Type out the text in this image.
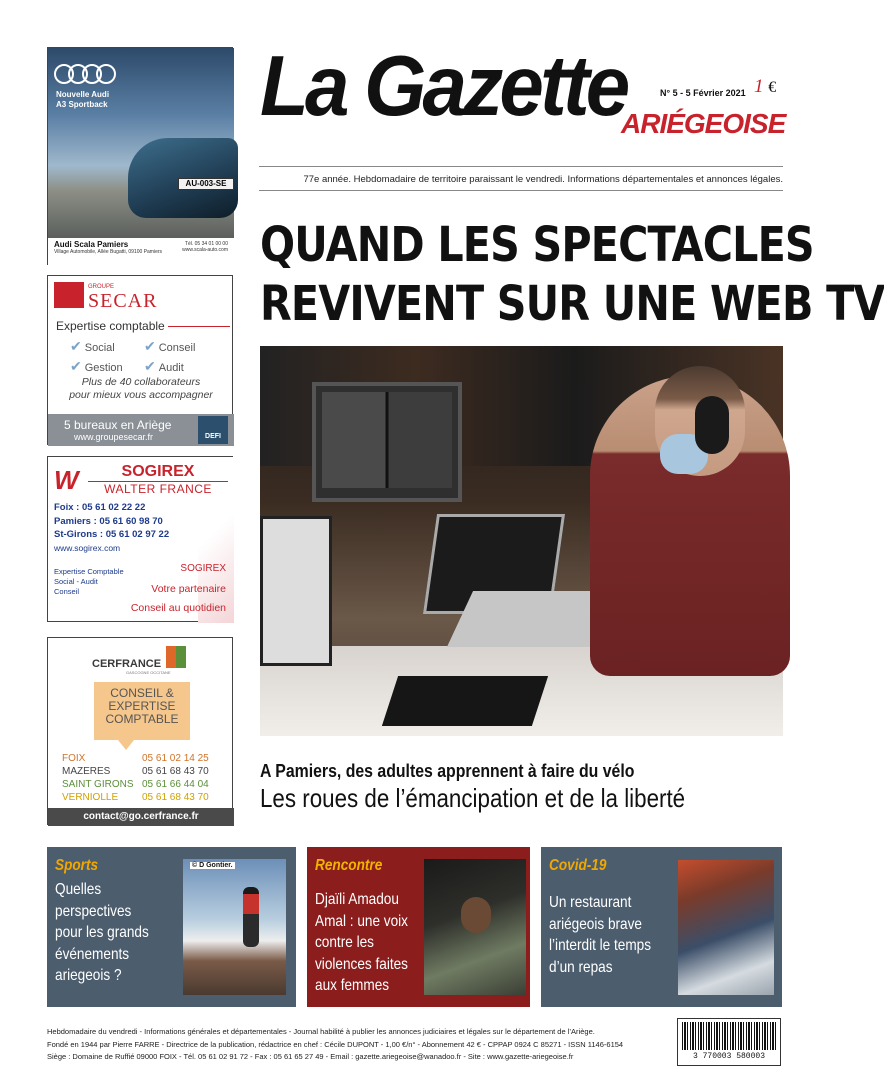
AU-003-SE
Nouvelle Audi
A3 Sportback
Audi Scala Pamiers
Village Automobile, Allée Bugatti, 09100 Pamiers
Tél. 05 34 01 00 00
www.scala-auto.com
GROUPE
SECAR
Expertise comptable
✔ Social ✔ Conseil
✔ Gestion ✔ Audit
Plus de 40 collaborateurs
pour mieux vous accompagner
5 bureaux en Ariège
www.groupesecar.fr	DEFI
W	SOGIREX
WALTER FRANCE
Foix : 05 61 02 22 22
Pamiers : 05 61 60 98 70
St-Girons : 05 61 02 97 22
www.sogirex.com
Expertise Comptable
Social - Audit
Conseil
SOGIREX
Votre partenaire
Conseil au quotidien
CERFRANCE
GASCOGNE OCCITANE
CONSEIL &
EXPERTISE
COMPTABLE
FOIX	05 61 02 14 25
MAZERES	05 61 68 43 70
SAINT GIRONS 05 61 66 44 04
VERNIOLLE 05 61 68 43 70
contact@go.cerfrance.fr
La Gazette	N° 5 - 5 Février 2021 1 €
ARIÉGEOISE
77e année. Hebdomadaire de territoire paraissant le vendredi. Informations départementales et annonces légales.
QUAND LES SPECTACLES
REVIVENT SUR UNE WEB TV
A Pamiers, des adultes apprennent à faire du vélo
Les roues de l’émancipation et de la liberté
Sports
Quelles
perspectives
pour les grands
événements
ariegeois ?
© D Gontier.	Rencontre
Djaïli Amadou
Amal : une voix
contre les
violences faites
aux femmes
Covid-19
Un restaurant
ariégeois brave
l’interdit le temps
d’un repas
Hebdomadaire du vendredi - Informations générales et départementales - Journal habilité à publier les annonces judiciaires et légales sur le département de l’Ariège.
Fondé en 1944 par Pierre FARRE - Directrice de la publication, rédactrice en chef : Cécile DUPONT - 1,00 €/n° - Abonnement 42 € - CPPAP 0924 C 85271 - ISSN 1146-6154
Siège : Domaine de Ruffié 09000 FOIX - Tél. 05 61 02 91 72 - Fax : 05 61 65 27 49 - Email : gazette.ariegeoise@wanadoo.fr - Site : www.gazette-ariegeoise.fr	3 770003 580003
